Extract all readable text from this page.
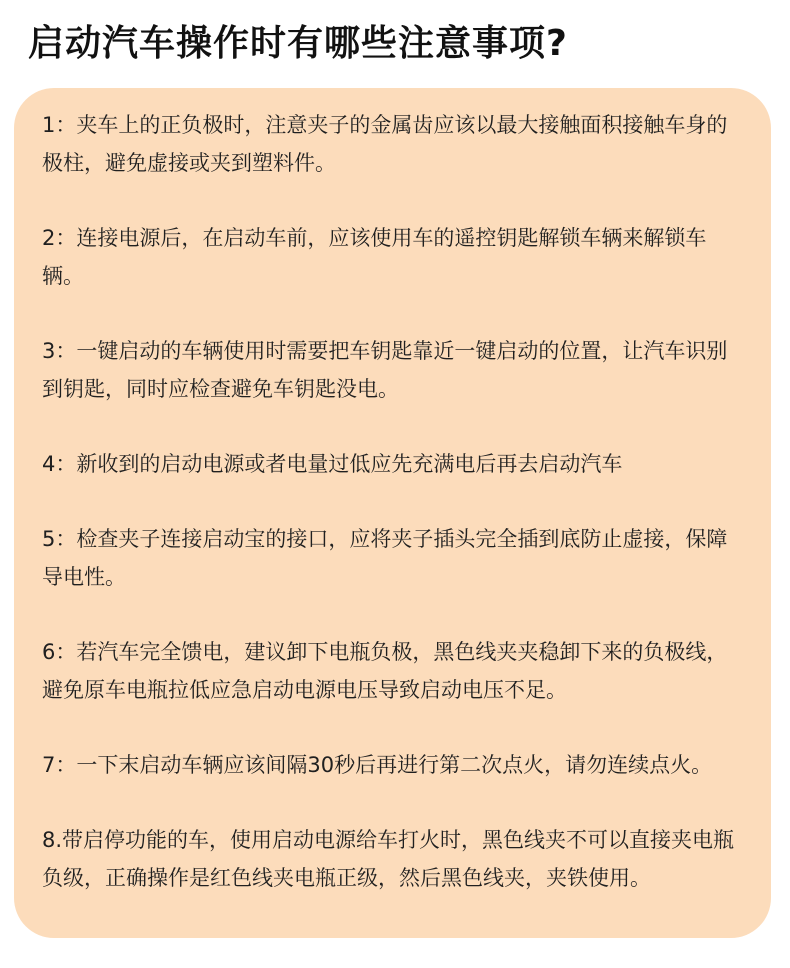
启动汽车操作时有哪些注意事项?

1：夹车上的正负极时，注意夹子的金属齿应该以最大接触面积接触车身的极柱，避免虚接或夹到塑料件。

2：连接电源后，在启动车前，应该使用车的遥控钥匙解锁车辆来解锁车辆。

3：一键启动的车辆使用时需要把车钥匙靠近一键启动的位置，让汽车识别到钥匙，同时应检查避免车钥匙没电。

4：新收到的启动电源或者电量过低应先充满电后再去启动汽车

5：检查夹子连接启动宝的接口，应将夹子插头完全插到底防止虚接，保障导电性。

6：若汽车完全馈电，建议卸下电瓶负极，黑色线夹夹稳卸下来的负极线，避免原车电瓶拉低应急启动电源电压导致启动电压不足。

7：一下末启动车辆应该间隔30秒后再进行第二次点火，请勿连续点火。

8.带启停功能的车，使用启动电源给车打火时，黑色线夹不可以直接夹电瓶负级，正确操作是红色线夹电瓶正级，然后黑色线夹，夹铁使用。
